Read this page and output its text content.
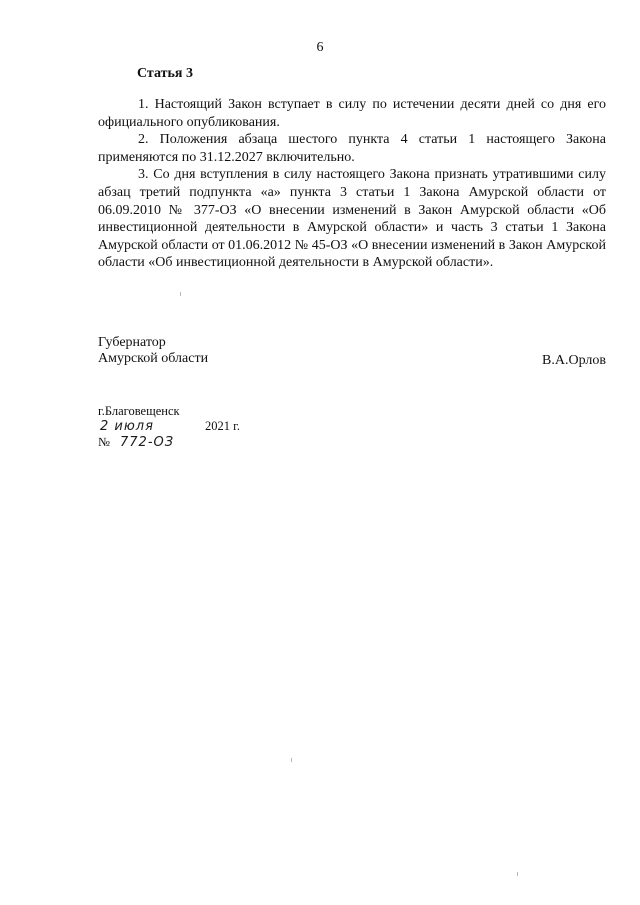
6
Статья 3

1. Настоящий Закон вступает в силу по истечении десяти дней со дня его официального опубликования.

2. Положения абзаца шестого пункта 4 статьи 1 настоящего Закона применяются по 31.12.2027 включительно.

3. Со дня вступления в силу настоящего Закона признать утратившими силу абзац третий подпункта «а» пункта 3 статьи 1 Закона Амурской области от 06.09.2010 № 377-ОЗ «О внесении изменений в Закон Амурской области «Об инвестиционной деятельности в Амурской области» и часть 3 статьи 1 Закона Амурской области от 01.06.2012 № 45-ОЗ «О внесении изменений в Закон Амурской области «Об инвестиционной деятельности в Амурской области».

Губернатор
Амурской области	В.А.Орлов
г.Благовещенск
2 июля	2021 г.
№ 772-ОЗ
